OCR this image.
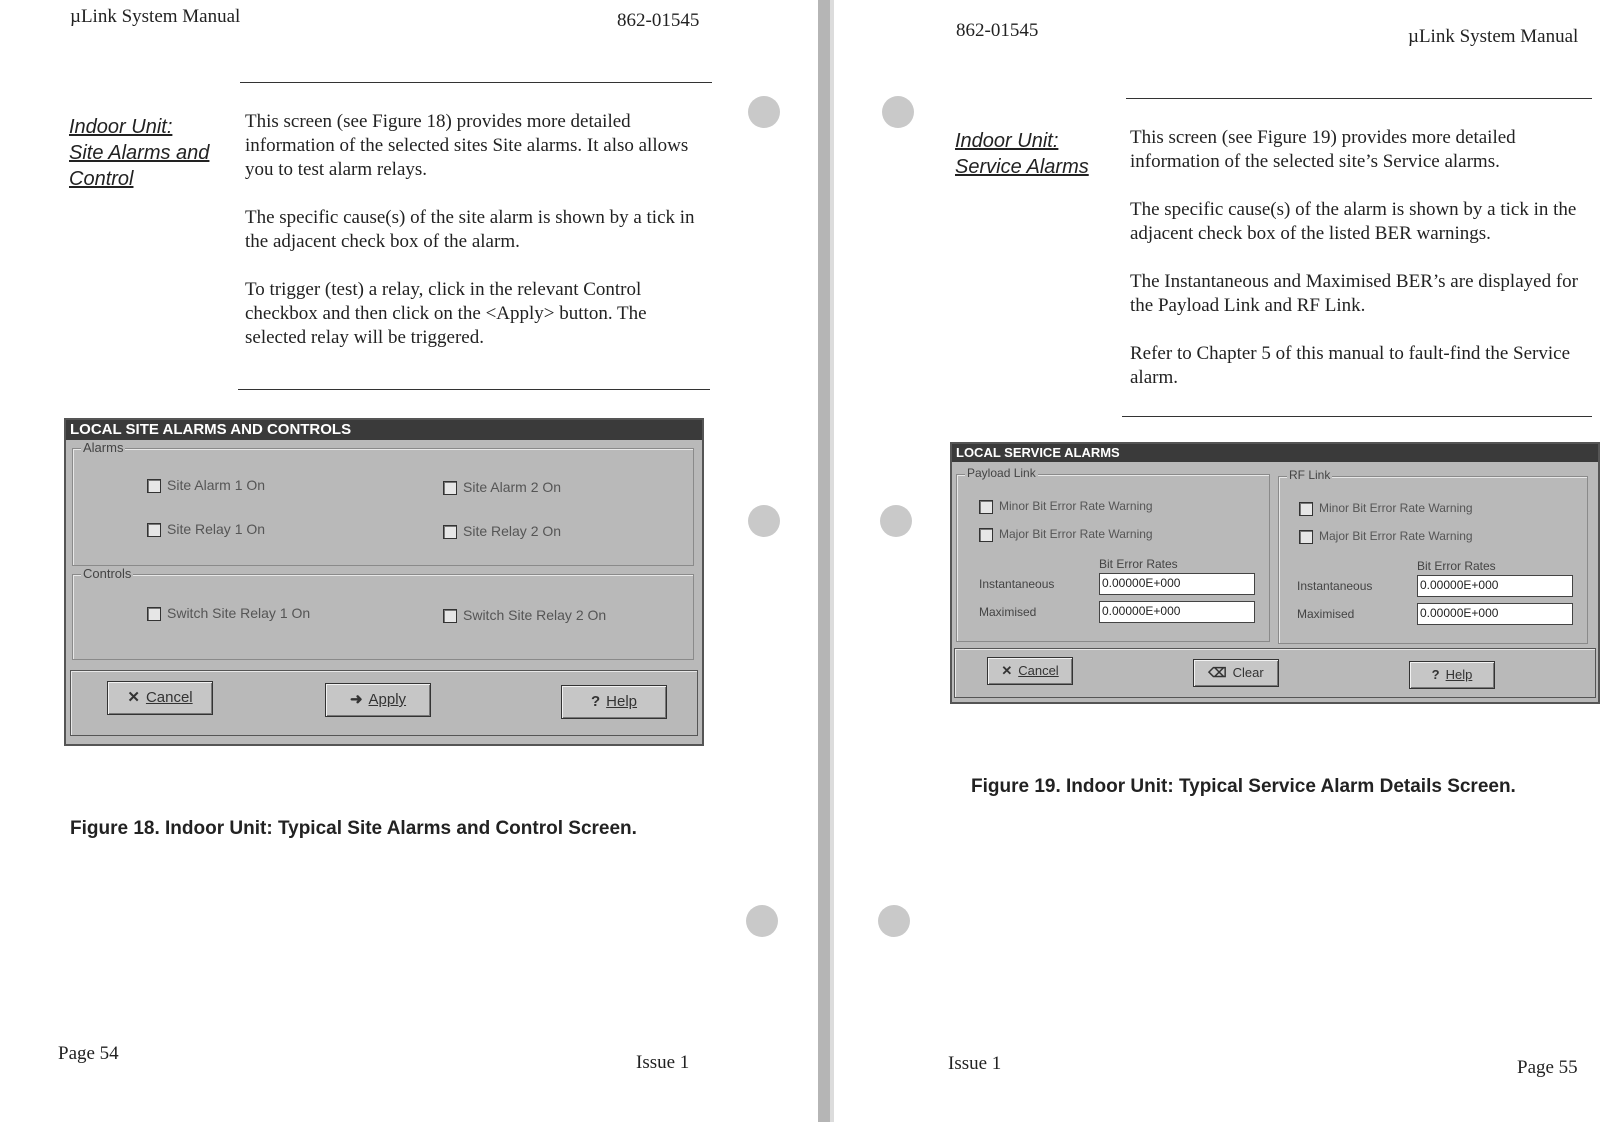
µLink System Manual	862-01545
Indoor Unit:
Site Alarms and
Control

This screen (see Figure 18) provides more detailed information of the selected sites Site alarms. It also allows you to test alarm relays.

The specific cause(s) of the site alarm is shown by a tick in the adjacent check box of the alarm.

To trigger (test) a relay, click in the relevant Control checkbox and then click on the <Apply> button. The selected relay will be triggered.

LOCAL SITE ALARMS AND CONTROLS
Alarms
Site Alarm 1 On	Site Alarm 2 On
Site Relay 1 On	Site Relay 2 On
Controls
Switch Site Relay 1 On	Switch Site Relay 2 On
✕ Cancel	➜ Apply	? Help
Figure 18. Indoor Unit: Typical Site Alarms and Control Screen.
Page 54	Issue 1
862-01545	µLink System Manual
Indoor Unit:
Service Alarms

This screen (see Figure 19) provides more detailed information of the selected site’s Service alarms.

The specific cause(s) of the alarm is shown by a tick in the adjacent check box of the listed BER warnings.

The Instantaneous and Maximised BER’s are displayed for the Payload Link and RF Link.

Refer to Chapter 5 of this manual to fault-find the Service alarm.

LOCAL SERVICE ALARMS
Payload Link
Minor Bit Error Rate Warning
Major Bit Error Rate Warning
Bit Error Rates
Instantaneous	0.00000E+000
Maximised	0.00000E+000
RF Link
Minor Bit Error Rate Warning
Major Bit Error Rate Warning
Bit Error Rates
Instantaneous	0.00000E+000
Maximised	0.00000E+000
✕ Cancel	⌫ Clear	? Help
Figure 19. Indoor Unit: Typical Service Alarm Details Screen.
Issue 1	Page 55
